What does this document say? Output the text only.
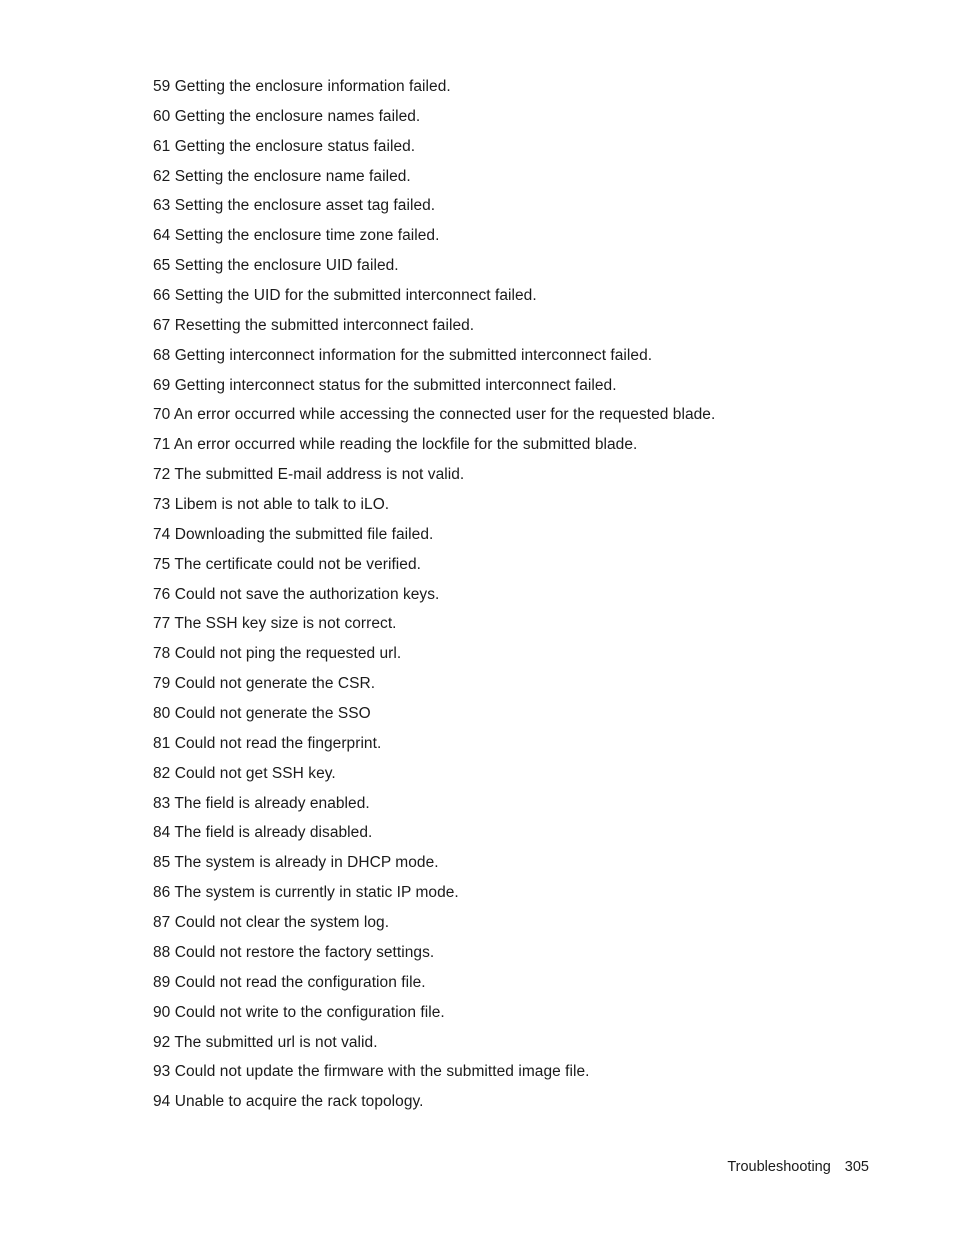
59 Getting the enclosure information failed.
60 Getting the enclosure names failed.
61 Getting the enclosure status failed.
62 Setting the enclosure name failed.
63 Setting the enclosure asset tag failed.
64 Setting the enclosure time zone failed.
65 Setting the enclosure UID failed.
66 Setting the UID for the submitted interconnect failed.
67 Resetting the submitted interconnect failed.
68 Getting interconnect information for the submitted interconnect failed.
69 Getting interconnect status for the submitted interconnect failed.
70 An error occurred while accessing the connected user for the requested blade.
71 An error occurred while reading the lockfile for the submitted blade.
72 The submitted E-mail address is not valid.
73 Libem is not able to talk to iLO.
74 Downloading the submitted file failed.
75 The certificate could not be verified.
76 Could not save the authorization keys.
77 The SSH key size is not correct.
78 Could not ping the requested url.
79 Could not generate the CSR.
80 Could not generate the SSO
81 Could not read the fingerprint.
82 Could not get SSH key.
83 The field is already enabled.
84 The field is already disabled.
85 The system is already in DHCP mode.
86 The system is currently in static IP mode.
87 Could not clear the system log.
88 Could not restore the factory settings.
89 Could not read the configuration file.
90 Could not write to the configuration file.
92 The submitted url is not valid.
93 Could not update the firmware with the submitted image file.
94 Unable to acquire the rack topology.
Troubleshooting 305
